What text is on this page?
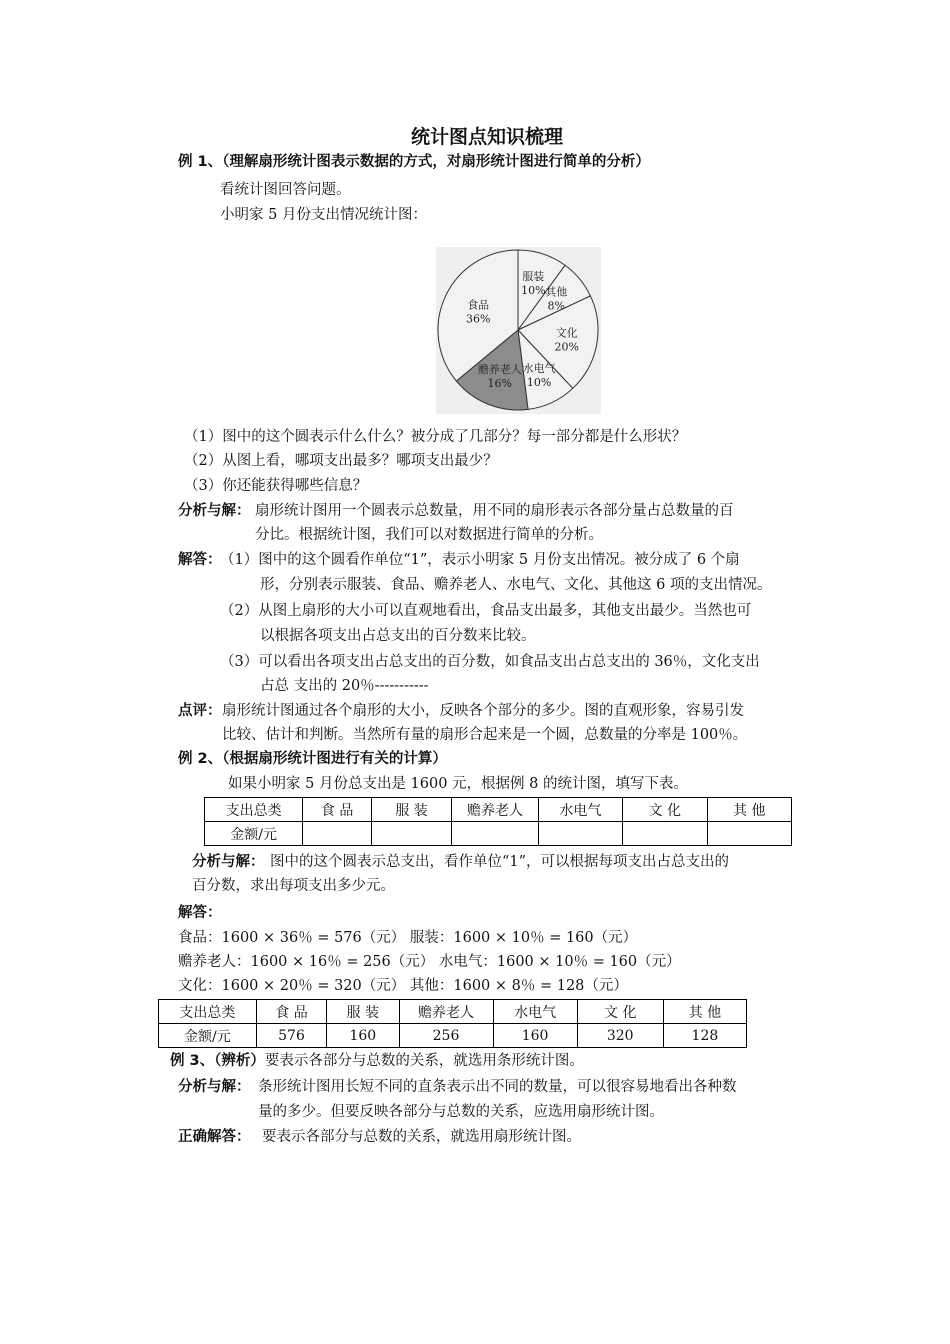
统计图点知识梳理
例 1、（理解扇形统计图表示数据的方式，对扇形统计图进行简单的分析）
看统计图回答问题。
小明家 5 月份支出情况统计图：
服装
10% 其他
8%
文化
20%
水电气
10%
赡养老人
16%
食品
36%
（1）图中的这个圆表示什么什么？被分成了几部分？每一部分都是什么形状？
（2）从图上看，哪项支出最多？哪项支出最少？
（3）你还能获得哪些信息？
分析与解： 扇形统计图用一个圆表示总数量，用不同的扇形表示各部分量占总数量的百
分比。根据统计图，我们可以对数据进行简单的分析。
解答：
（1）图中的这个圆看作单位“1”，表示小明家 5 月份支出情况。被分成了 6 个扇
形，分别表示服装、食品、赡养老人、水电气、文化、其他这 6 项的支出情况。
（2）从图上扇形的大小可以直观地看出，食品支出最多，其他支出最少。当然也可
以根据各项支出占总支出的百分数来比较。
（3）可以看出各项支出占总支出的百分数，如食品支出占总支出的 36％，文化支出
占总 支出的 20％-----------
点评： 扇形统计图通过各个扇形的大小，反映各个部分的多少。图的直观形象，容易引发
比较、估计和判断。当然所有量的扇形合起来是一个圆，总数量的分率是 100％。
例 2、（根据扇形统计图进行有关的计算）
如果小明家 5 月份总支出是 1600 元，根据例 8 的统计图，填写下表。
支出总类	食 品	服 装	赡养老人	水电气	文 化	其 他
金额/元						
分析与解： 图中的这个圆表示总支出，看作单位“1”，可以根据每项支出占总支出的
百分数，求出每项支出多少元。
解答：
食品：1600 × 36％ = 576（元） 服装：1600 × 10％ = 160（元）
赡养老人：1600 × 16％ = 256（元） 水电气：1600 × 10％ = 160（元）
文化：1600 × 20％ = 320（元） 其他：1600 × 8％ = 128（元）
支出总类	食 品	服 装	赡养老人	水电气	文 化	其 他
金额/元	576	160	256	160	320	128
例 3、（辨析）要表示各部分与总数的关系，就选用条形统计图。
分析与解： 条形统计图用长短不同的直条表示出不同的数量，可以很容易地看出各种数
量的多少。但要反映各部分与总数的关系，应选用扇形统计图。
正确解答： 要表示各部分与总数的关系，就选用扇形统计图。
